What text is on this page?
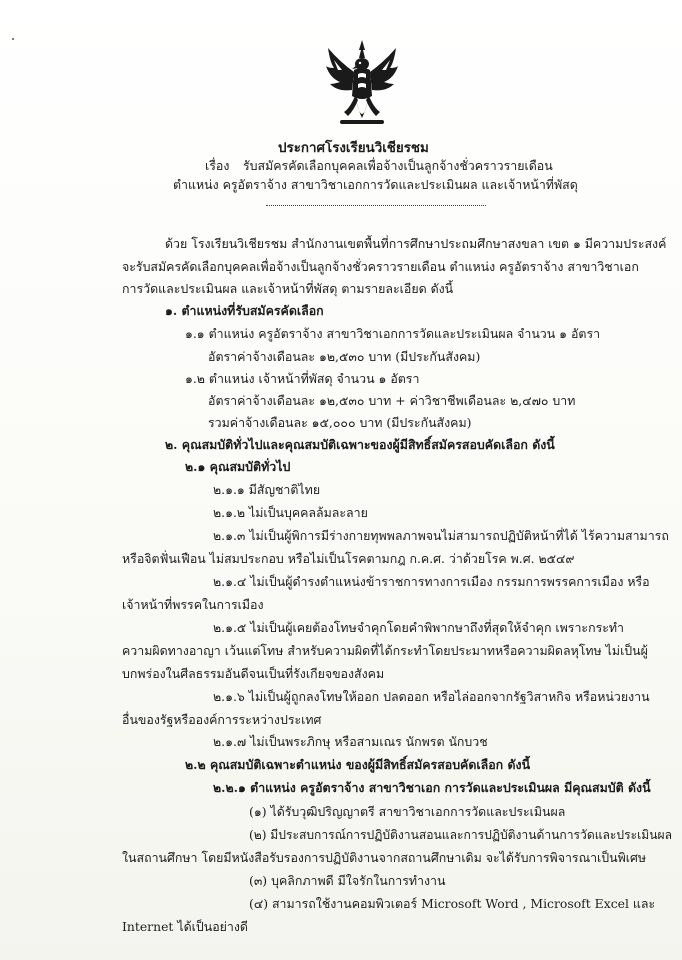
ประกาศโรงเรียนวิเชียรชม
เรื่อง รับสมัครคัดเลือกบุคคลเพื่อจ้างเป็นลูกจ้างชั่วคราวรายเดือน
ตำแหน่ง ครูอัตราจ้าง สาขาวิชาเอกการวัดและประเมินผล และเจ้าหน้าที่พัสดุ
ด้วย โรงเรียนวิเชียรชม สำนักงานเขตพื้นที่การศึกษาประถมศึกษาสงขลา เขต ๑ มีความประสงค์
จะรับสมัครคัดเลือกบุคคลเพื่อจ้างเป็นลูกจ้างชั่วคราวรายเดือน ตำแหน่ง ครูอัตราจ้าง สาขาวิชาเอก
การวัดและประเมินผล และเจ้าหน้าที่พัสดุ ตามรายละเอียด ดังนี้
๑. ตำแหน่งที่รับสมัครคัดเลือก
๑.๑ ตำแหน่ง ครูอัตราจ้าง สาขาวิชาเอกการวัดและประเมินผล จำนวน ๑ อัตรา
อัตราค่าจ้างเดือนละ ๑๒,๕๓๐ บาท (มีประกันสังคม)
๑.๒ ตำแหน่ง เจ้าหน้าที่พัสดุ จำนวน ๑ อัตรา
อัตราค่าจ้างเดือนละ ๑๒,๕๓๐ บาท + ค่าวิชาชีพเดือนละ ๒,๔๗๐ บาท
รวมค่าจ้างเดือนละ ๑๕,๐๐๐ บาท (มีประกันสังคม)
๒. คุณสมบัติทั่วไปและคุณสมบัติเฉพาะของผู้มีสิทธิ์สมัครสอบคัดเลือก ดังนี้
๒.๑ คุณสมบัติทั่วไป
๒.๑.๑ มีสัญชาติไทย
๒.๑.๒ ไม่เป็นบุคคลล้มละลาย
๒.๑.๓ ไม่เป็นผู้พิการมีร่างกายทุพพลภาพจนไม่สามารถปฏิบัติหน้าที่ได้ ไร้ความสามารถ
หรือจิตฟั่นเฟือน ไม่สมประกอบ หรือไม่เป็นโรคตามกฎ ก.ค.ศ. ว่าด้วยโรค พ.ศ. ๒๕๔๙
๒.๑.๔ ไม่เป็นผู้ดำรงตำแหน่งข้าราชการทางการเมือง กรรมการพรรคการเมือง หรือ
เจ้าหน้าที่พรรคในการเมือง
๒.๑.๕ ไม่เป็นผู้เคยต้องโทษจำคุกโดยคำพิพากษาถึงที่สุดให้จำคุก เพราะกระทำ
ความผิดทางอาญา เว้นแต่โทษ สำหรับความผิดที่ได้กระทำโดยประมาทหรือความผิดลหุโทษ ไม่เป็นผู้
บกพร่องในศีลธรรมอันดีจนเป็นที่รังเกียจของสังคม
๒.๑.๖ ไม่เป็นผู้ถูกลงโทษให้ออก ปลดออก หรือไล่ออกจากรัฐวิสาหกิจ หรือหน่วยงาน
อื่นของรัฐหรือองค์การระหว่างประเทศ
๒.๑.๗ ไม่เป็นพระภิกษุ หรือสามเณร นักพรต นักบวช
๒.๒ คุณสมบัติเฉพาะตำแหน่ง ของผู้มีสิทธิ์สมัครสอบคัดเลือก ดังนี้
๒.๒.๑ ตำแหน่ง ครูอัตราจ้าง สาขาวิชาเอก การวัดและประเมินผล มีคุณสมบัติ ดังนี้
(๑) ได้รับวุฒิปริญญาตรี สาขาวิชาเอกการวัดและประเมินผล
(๒) มีประสบการณ์การปฏิบัติงานสอนและการปฏิบัติงานด้านการวัดและประเมินผล
ในสถานศึกษา โดยมีหนังสือรับรองการปฏิบัติงานจากสถานศึกษาเดิม จะได้รับการพิจารณาเป็นพิเศษ
(๓) บุคลิกภาพดี มีใจรักในการทำงาน
(๔) สามารถใช้งานคอมพิวเตอร์ Microsoft Word , Microsoft Excel และ
Internet ได้เป็นอย่างดี
